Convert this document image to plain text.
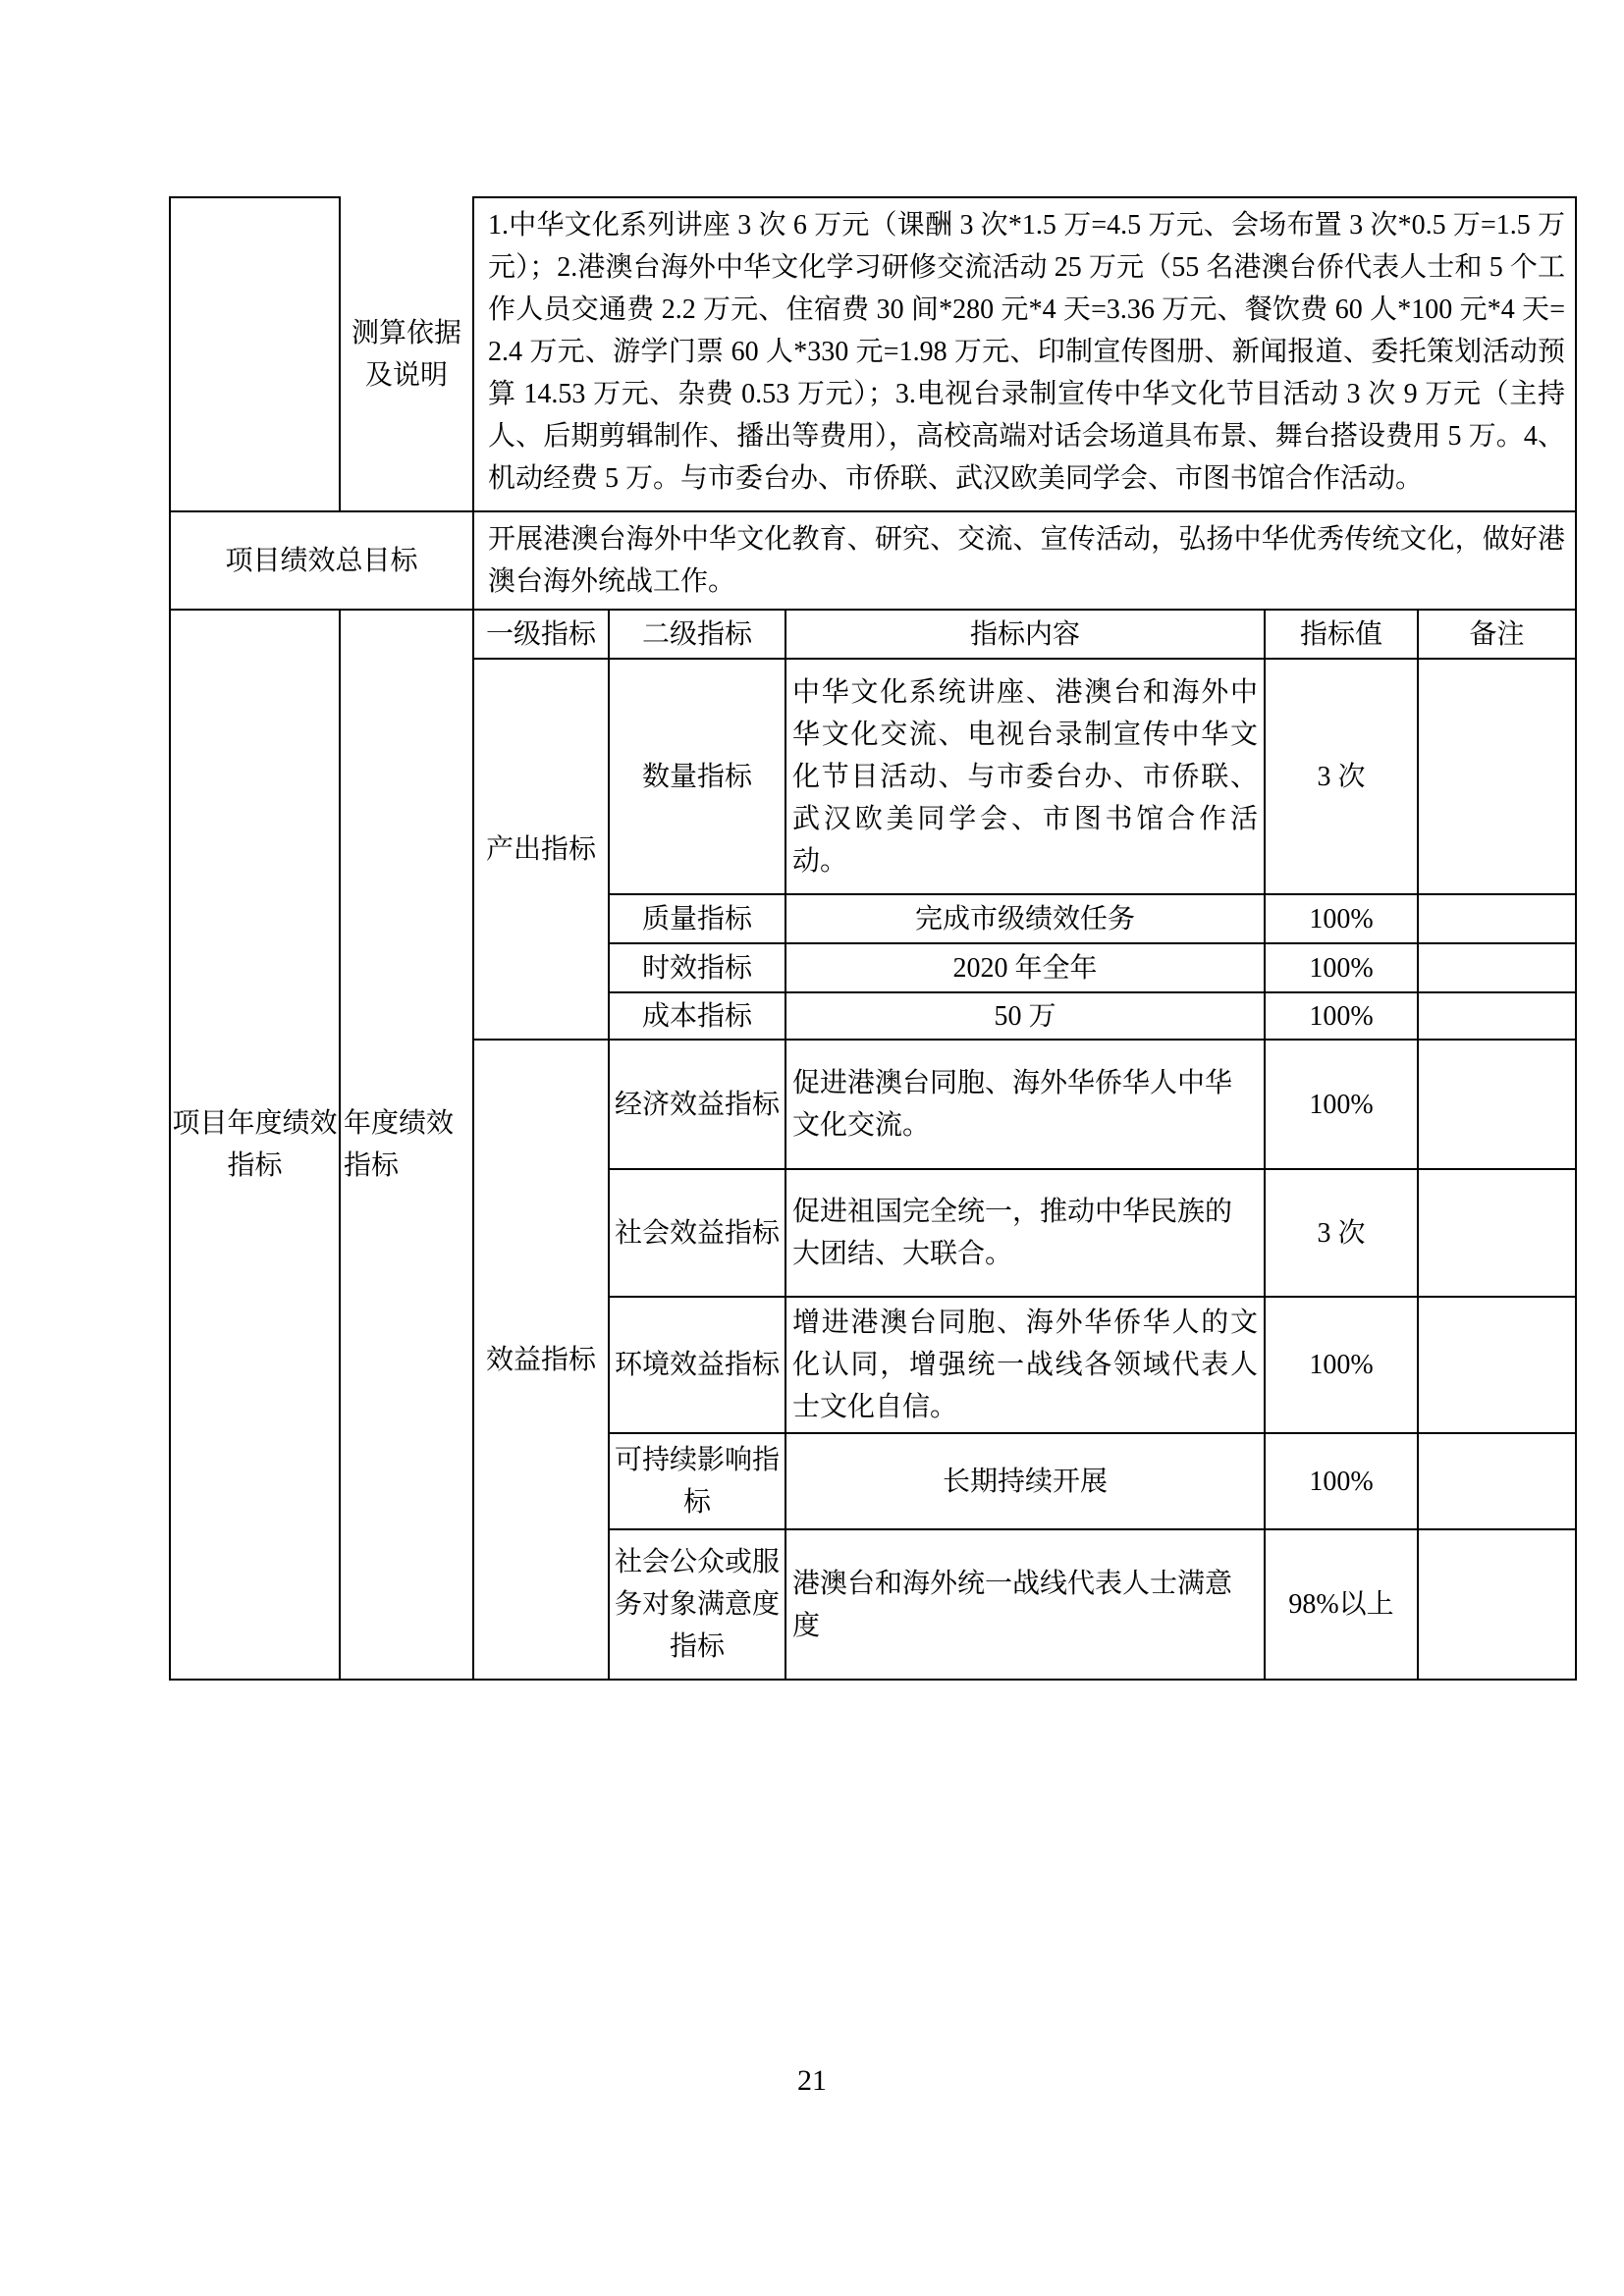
	测算依据及说明	1.中华文化系列讲座 3 次 6 万元（课酬 3 次*1.5 万=4.5 万元、会场布置 3 次*0.5 万=1.5 万元）；2.港澳台海外中华文化学习研修交流活动 25 万元（55 名港澳台侨代表人士和 5 个工作人员交通费 2.2 万元、住宿费 30 间*280 元*4 天=3.36 万元、餐饮费 60 人*100 元*4 天=2.4 万元、游学门票 60 人*330 元=1.98 万元、印制宣传图册、新闻报道、委托策划活动预算 14.53 万元、杂费 0.53 万元）；3.电视台录制宣传中华文化节目活动 3 次 9 万元（主持人、后期剪辑制作、播出等费用），高校高端对话会场道具布景、舞台搭设费用 5 万。4、机动经费 5 万。与市委台办、市侨联、武汉欧美同学会、市图书馆合作活动。				
项目绩效总目标		开展港澳台海外中华文化教育、研究、交流、宣传活动，弘扬中华优秀传统文化，做好港澳台海外统战工作。				
项目年度绩效指标	年度绩效指标	一级指标	二级指标	指标内容	指标值	备注
		产出指标	数量指标	中华文化系统讲座、港澳台和海外中华文化交流、电视台录制宣传中华文化节目活动、与市委台办、市侨联、武汉欧美同学会、市图书馆合作活动。	3 次	
			质量指标	完成市级绩效任务	100%	
			时效指标	2020 年全年	100%	
			成本指标	50 万	100%	
		效益指标	经济效益指标	促进港澳台同胞、海外华侨华人中华文化交流。	100%	
			社会效益指标	促进祖国完全统一，推动中华民族的大团结、大联合。	3 次	
			环境效益指标	增进港澳台同胞、海外华侨华人的文化认同，增强统一战线各领域代表人士文化自信。	100%	
			可持续影响指标	长期持续开展	100%	
			社会公众或服务对象满意度指标	港澳台和海外统一战线代表人士满意度	98%以上	
21
